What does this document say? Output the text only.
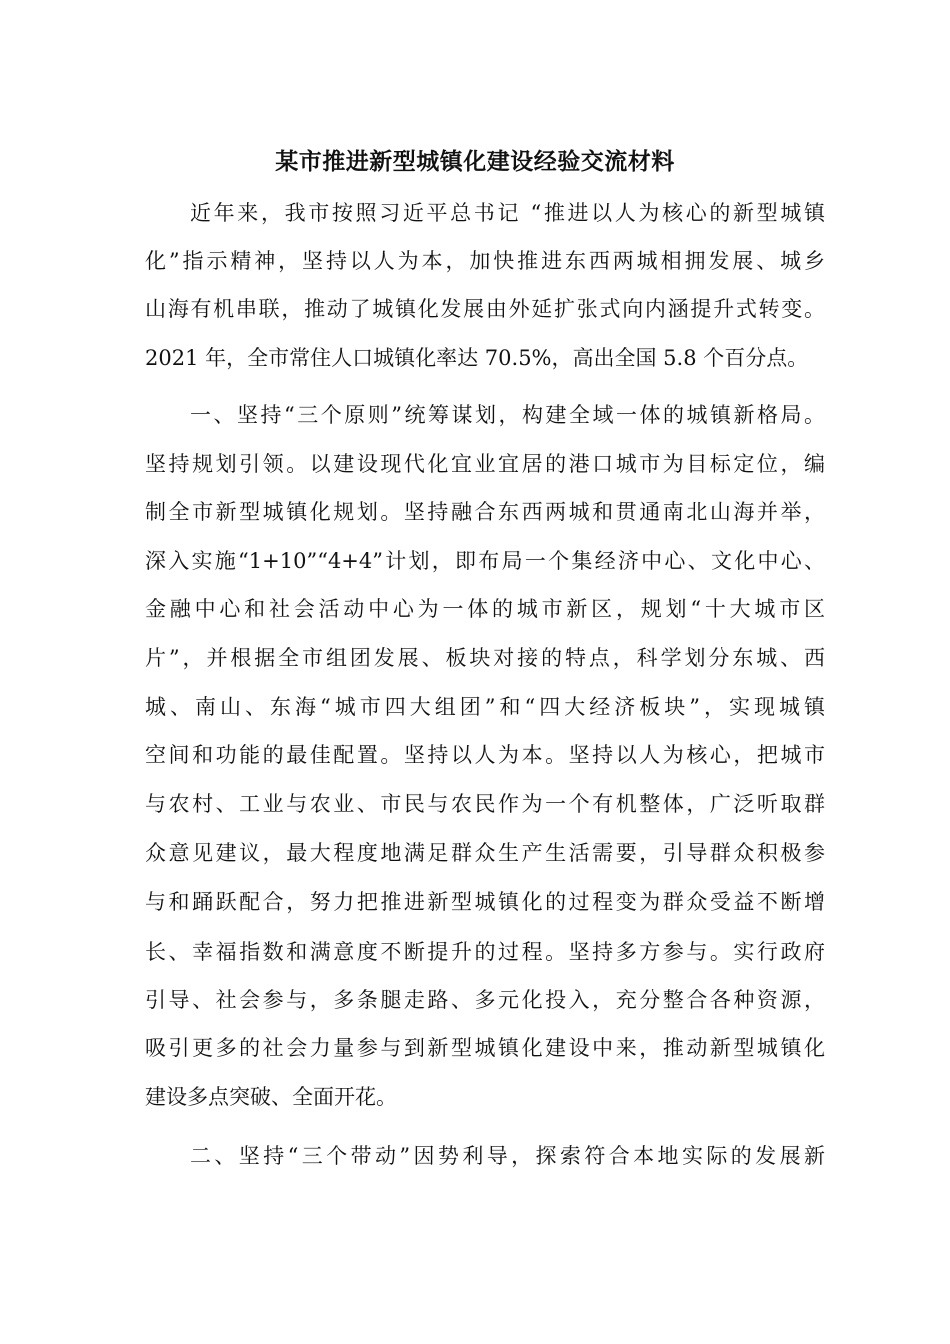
某市推进新型城镇化建设经验交流材料
近年来，我市按照习近平总书记 “推进以人为核心的新型城镇
化”指示精神，坚持以人为本，加快推进东西两城相拥发展、城乡
山海有机串联，推动了城镇化发展由外延扩张式向内涵提升式转变。
2021 年，全市常住人口城镇化率达 70.5%，高出全国 5.8 个百分点。
一、坚持“三个原则”统筹谋划，构建全域一体的城镇新格局。
坚持规划引领。以建设现代化宜业宜居的港口城市为目标定位，编
制全市新型城镇化规划。坚持融合东西两城和贯通南北山海并举，
深入实施“1+10”“4+4”计划，即布局一个集经济中心、文化中心、
金融中心和社会活动中心为一体的城市新区，规划“十大城市区
片”，并根据全市组团发展、板块对接的特点，科学划分东城、西
城、南山、东海“城市四大组团”和“四大经济板块”，实现城镇
空间和功能的最佳配置。坚持以人为本。坚持以人为核心，把城市
与农村、工业与农业、市民与农民作为一个有机整体，广泛听取群
众意见建议，最大程度地满足群众生产生活需要，引导群众积极参
与和踊跃配合，努力把推进新型城镇化的过程变为群众受益不断增
长、幸福指数和满意度不断提升的过程。坚持多方参与。实行政府
引导、社会参与，多条腿走路、多元化投入，充分整合各种资源，
吸引更多的社会力量参与到新型城镇化建设中来，推动新型城镇化
建设多点突破、全面开花。
二、坚持“三个带动”因势利导，探索符合本地实际的发展新
